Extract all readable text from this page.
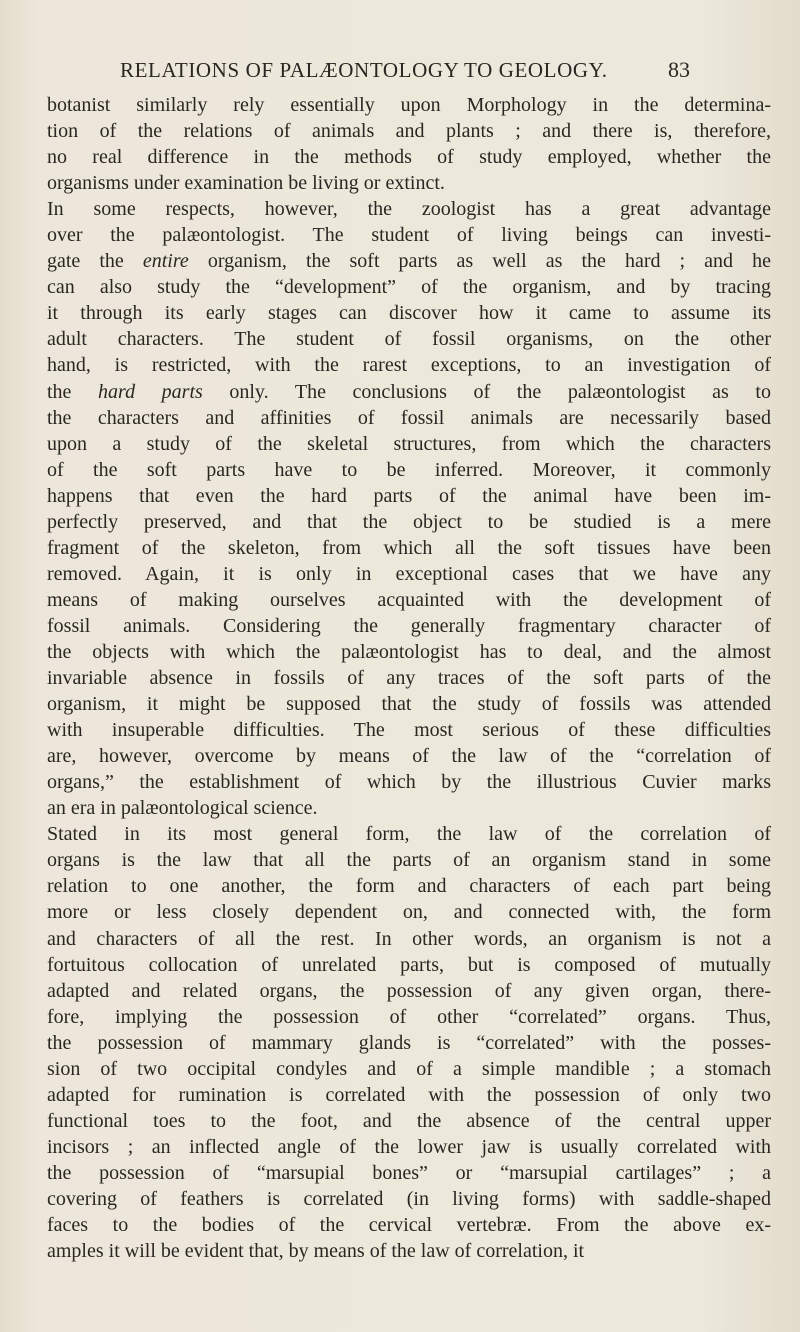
RELATIONS OF PALÆONTOLOGY TO GEOLOGY.	83
botanist similarly rely essentially upon Morphology in the determina-
tion of the relations of animals and plants ; and there is, therefore,
no real difference in the methods of study employed, whether the
organisms under examination be living or extinct.
In some respects, however, the zoologist has a great advantage
over the palæontologist. The student of living beings can investi-
gate the entire organism, the soft parts as well as the hard ; and he
can also study the “development” of the organism, and by tracing
it through its early stages can discover how it came to assume its
adult characters. The student of fossil organisms, on the other
hand, is restricted, with the rarest exceptions, to an investigation of
the hard parts only. The conclusions of the palæontologist as to
the characters and affinities of fossil animals are necessarily based
upon a study of the skeletal structures, from which the characters
of the soft parts have to be inferred. Moreover, it commonly
happens that even the hard parts of the animal have been im-
perfectly preserved, and that the object to be studied is a mere
fragment of the skeleton, from which all the soft tissues have been
removed. Again, it is only in exceptional cases that we have any
means of making ourselves acquainted with the development of
fossil animals. Considering the generally fragmentary character of
the objects with which the palæontologist has to deal, and the almost
invariable absence in fossils of any traces of the soft parts of the
organism, it might be supposed that the study of fossils was attended
with insuperable difficulties. The most serious of these difficulties
are, however, overcome by means of the law of the “correlation of
organs,” the establishment of which by the illustrious Cuvier marks
an era in palæontological science.
Stated in its most general form, the law of the correlation of
organs is the law that all the parts of an organism stand in some
relation to one another, the form and characters of each part being
more or less closely dependent on, and connected with, the form
and characters of all the rest. In other words, an organism is not a
fortuitous collocation of unrelated parts, but is composed of mutually
adapted and related organs, the possession of any given organ, there-
fore, implying the possession of other “correlated” organs. Thus,
the possession of mammary glands is “correlated” with the posses-
sion of two occipital condyles and of a simple mandible ; a stomach
adapted for rumination is correlated with the possession of only two
functional toes to the foot, and the absence of the central upper
incisors ; an inflected angle of the lower jaw is usually correlated with
the possession of “marsupial bones” or “marsupial cartilages” ; a
covering of feathers is correlated (in living forms) with saddle-shaped
faces to the bodies of the cervical vertebræ. From the above ex-
amples it will be evident that, by means of the law of correlation, it
